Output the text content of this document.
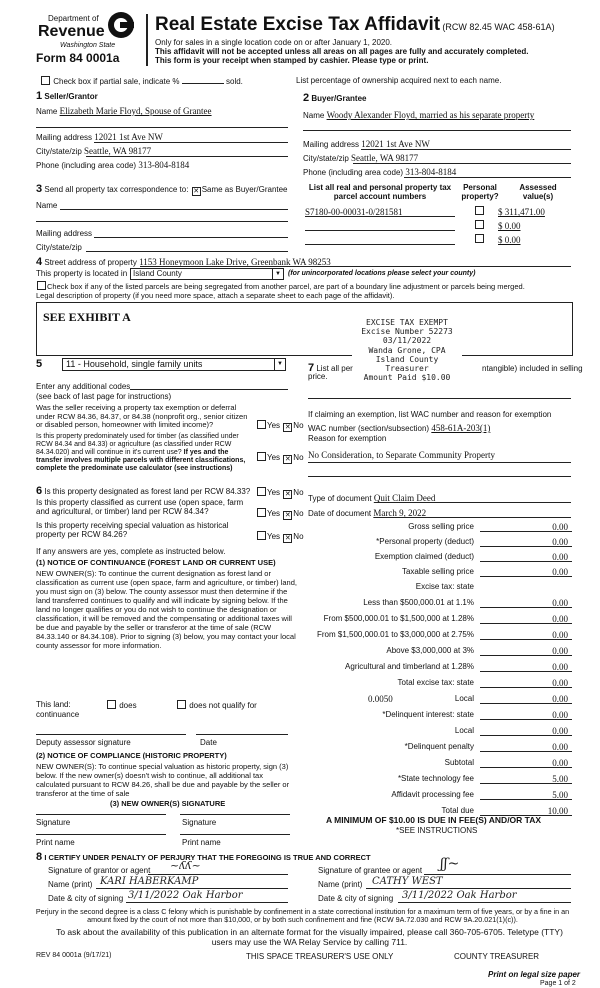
Department of
Revenue
Washington State
Form 84 0001a
Real Estate Excise Tax Affidavit (RCW 82.45 WAC 458-61A)
Only for sales in a single location code on or after January 1, 2020.
This affidavit will not be accepted unless all areas on all pages are fully and accurately completed.
This form is your receipt when stamped by cashier. Please type or print.
Check box if partial sale, indicate %	sold.	List percentage of ownership acquired next to each name.
1 Seller/Grantor
Name Elizabeth Marie Floyd, Spouse of Grantee
Mailing address 12021 1st Ave NW
City/state/zip Seattle, WA 98177
Phone (including area code) 313-804-8184
2 Buyer/Grantee
Name Woody Alexander Floyd, married as his separate property
Mailing address 12021 1st Ave NW
City/state/zip Seattle, WA 98177
Phone (including area code) 313-804-8184
3 Send all property tax correspondence to: ✕ Same as Buyer/Grantee
Name
Mailing address
City/state/zip
List all real and personal property tax
parcel account numbers
Personal
property?
Assessed
value(s)
S7180-00-00031-0/281581	$ 311,471.00
$ 0.00
$ 0.00
4 Street address of property 1153 Honeymoon Lake Drive, Greenbank WA 98253
This property is located in Island County	▼ (for unincorporated locations please select your county)
Check box if any of the listed parcels are being segregated from another parcel, are part of a boundary line adjustment or parcels being merged.
Legal description of property (if you need more space, attach a separate sheet to each page of the affidavit).
SEE EXHIBIT A	EXCISE TAX EXEMPT
Excise Number 52273
03/11/2022
Wanda Grone, CPA
Island County Treasurer
Amount Paid $10.00
5	11 - Household, single family units	▼ 7 List all per	ntangible) included in selling
price.
Enter any additional codes
(see back of last page for instructions)
Was the seller receiving a property tax exemption or deferral under RCW 84.36, 84.37, or 84.38 (nonprofit org., senior citizen or disabled person, homeowner with limited income)?	Yes ✕ No
Is this property predominately used for timber (as classified under RCW 84.34 and 84.33) or agriculture (as classified under RCW 84.34.020) and will continue in it's current use? If yes and the transfer involves multiple parcels with different classifications, complete the predominate use calculator (see instructions)
Yes ✕ No
6 Is this property designated as forest land per RCW 84.33?	Yes ✕ No
Is this property classified as current use (open space, farm and agricultural, or timber) land per RCW 84.34?	Yes ✕ No
Is this property receiving special valuation as historical property per RCW 84.26?	Yes ✕ No
If any answers are yes, complete as instructed below.
If claiming an exemption, list WAC number and reason for exemption
WAC number (section/subsection) 458-61A-203(1)
Reason for exemption
No Consideration, to Separate Community Property
Type of document Quit Claim Deed
Date of document March 9, 2022
Gross selling price	0.00
*Personal property (deduct)	0.00
Exemption claimed (deduct)	0.00
Taxable selling price	0.00
Excise tax: state
Less than $500,000.01 at 1.1%	0.00
From $500,000.01 to $1,500,000 at 1.28%	0.00
From $1,500,000.01 to $3,000,000 at 2.75%	0.00
Above $3,000,000 at 3%	0.00
Agricultural and timberland at 1.28%	0.00
Total excise tax: state	0.00
0.0050	Local	0.00
*Delinquent interest: state	0.00
Local	0.00
*Delinquent penalty	0.00
Subtotal	0.00
*State technology fee	5.00
Affidavit processing fee	5.00
Total due	10.00
A MINIMUM OF $10.00 IS DUE IN FEE(S) AND/OR TAX
*SEE INSTRUCTIONS
(1) NOTICE OF CONTINUANCE (FOREST LAND OR CURRENT USE)
NEW OWNER(S): To continue the current designation as forest land or classification as current use (open space, farm and agriculture, or timber) land, you must sign on (3) below. The county assessor must then determine if the land transferred continues to qualify and will indicate by signing below. If the land no longer qualifies or you do not wish to continue the designation or classification, it will be removed and the compensating or additional taxes will be due and payable by the seller or transferor at the time of sale (RCW 84.33.140 or 84.34.108). Prior to signing (3) below, you may contact your local county assessor for more information.
This land:	does	does not qualify for
continuance
Deputy assessor signature	Date
(2) NOTICE OF COMPLIANCE (HISTORIC PROPERTY)
NEW OWNER(S): To continue special valuation as historic property, sign (3) below. If the new owner(s) doesn't wish to continue, all additional tax calculated pursuant to RCW 84.26, shall be due and payable by the seller or transferor at the time of sale
(3) NEW OWNER(S) SIGNATURE
Signature	Signature
Print name	Print name
8 I CERTIFY UNDER PENALTY OF PERJURY THAT THE FOREGOING IS TRUE AND CORRECT
Signature of grantor or agent ~ʎʎ~
Name (print) KARI HABERKAMP
Date & city of signing 3/11/2022 Oak Harbor
Signature of grantee or agent ʃʃ~
Name (print) CATHY WEST
Date & city of signing 3/11/2022 Oak Harbor
Perjury in the second degree is a class C felony which is punishable by confinement in a state correctional institution for a maximum term of five years, or by a fine in an amount fixed by the court of not more than $10,000, or by both such confinement and fine (RCW 9A.72.030 and RCW 9A.20.021(1)(c)).
To ask about the availability of this publication in an alternate format for the visually impaired, please call 360-705-6705. Teletype (TTY) users may use the WA Relay Service by calling 711.
REV 84 0001a (9/17/21)	THIS SPACE TREASURER'S USE ONLY	COUNTY TREASURER
Print on legal size paper
Page 1 of 2
